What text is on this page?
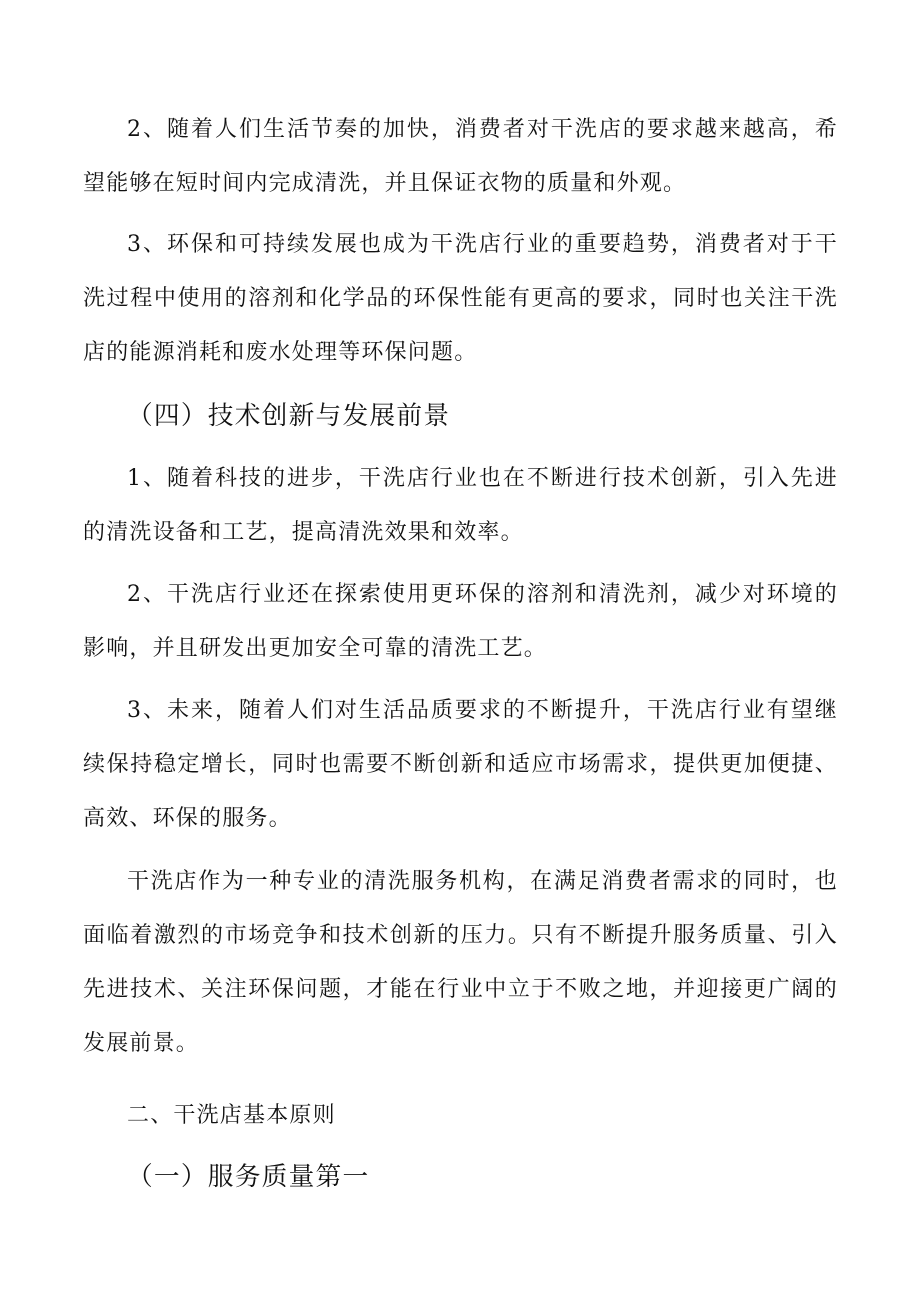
2、随着人们生活节奏的加快，消费者对干洗店的要求越来越高，希望能够在短时间内完成清洗，并且保证衣物的质量和外观。

3、环保和可持续发展也成为干洗店行业的重要趋势，消费者对于干洗过程中使用的溶剂和化学品的环保性能有更高的要求，同时也关注干洗店的能源消耗和废水处理等环保问题。

（四）技术创新与发展前景

1、随着科技的进步，干洗店行业也在不断进行技术创新，引入先进的清洗设备和工艺，提高清洗效果和效率。

2、干洗店行业还在探索使用更环保的溶剂和清洗剂，减少对环境的影响，并且研发出更加安全可靠的清洗工艺。

3、未来，随着人们对生活品质要求的不断提升，干洗店行业有望继续保持稳定增长，同时也需要不断创新和适应市场需求，提供更加便捷、高效、环保的服务。

干洗店作为一种专业的清洗服务机构，在满足消费者需求的同时，也面临着激烈的市场竞争和技术创新的压力。只有不断提升服务质量、引入先进技术、关注环保问题，才能在行业中立于不败之地，并迎接更广阔的发展前景。

二、干洗店基本原则
（一）服务质量第一
